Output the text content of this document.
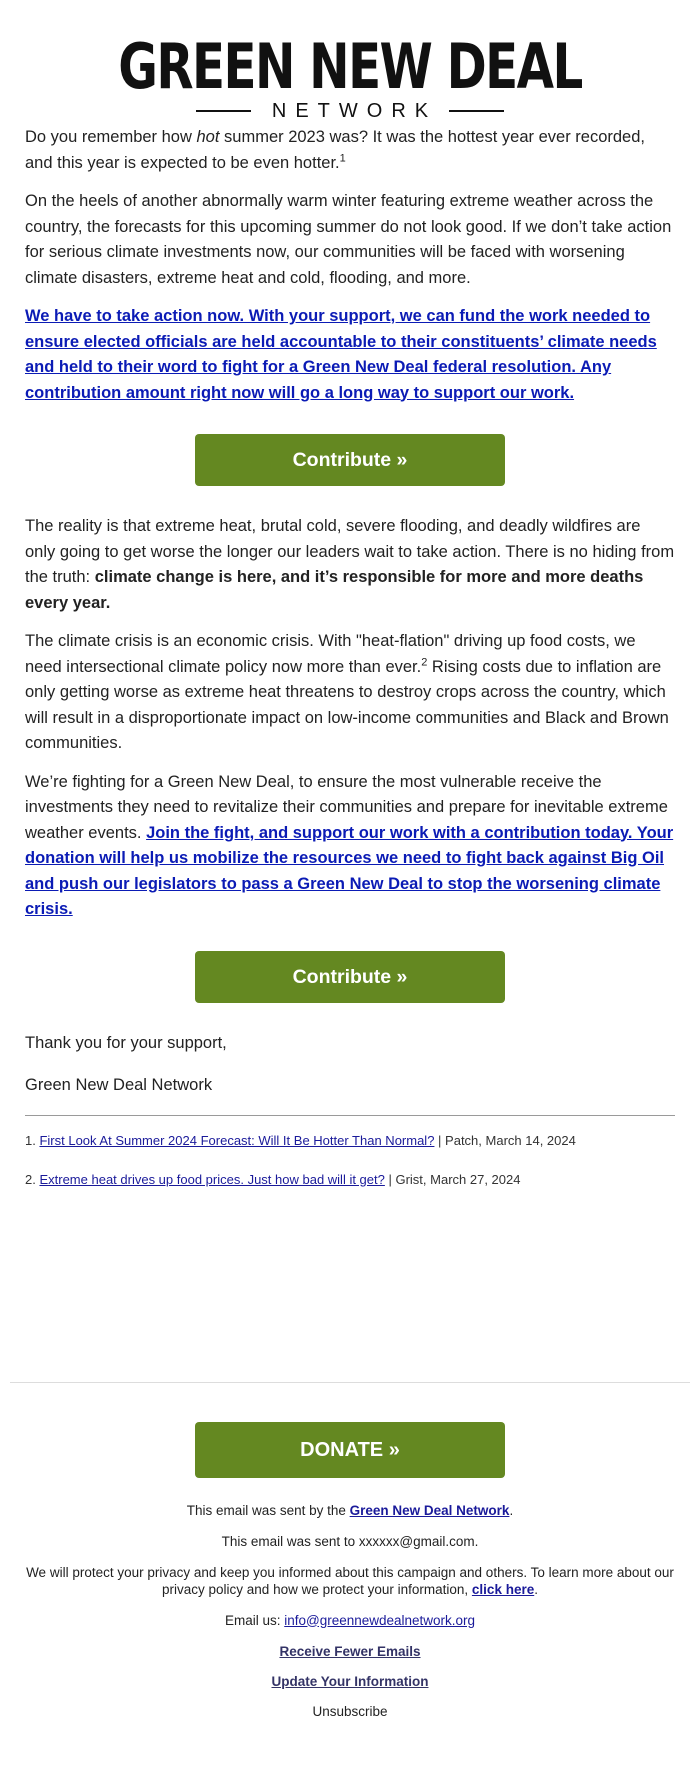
GREEN NEW DEAL
NETWORK

Do you remember how hot summer 2023 was? It was the hottest year ever recorded, and this year is expected to be even hotter.$^1$

On the heels of another abnormally warm winter featuring extreme weather across the country, the forecasts for this upcoming summer do not look good. If we don’t take action for serious climate investments now, our communities will be faced with worsening climate disasters, extreme heat and cold, flooding, and more.

We have to take action now. With your support, we can fund the work needed to ensure elected officials are held accountable to their constituents’ climate needs and held to their word to fight for a Green New Deal federal resolution. Any contribution amount right now will go a long way to support our work.

Contribute »

The reality is that extreme heat, brutal cold, severe flooding, and deadly wildfires are only going to get worse the longer our leaders wait to take action. There is no hiding from the truth: climate change is here, and it’s responsible for more and more deaths every year.

The climate crisis is an economic crisis. With "heat-flation" driving up food costs, we need intersectional climate policy now more than ever.$^2$ Rising costs due to inflation are only getting worse as extreme heat threatens to destroy crops across the country, which will result in a disproportionate impact on low-income communities and Black and Brown communities.

We’re fighting for a Green New Deal, to ensure the most vulnerable receive the investments they need to revitalize their communities and prepare for inevitable extreme weather events. Join the fight, and support our work with a contribution today. Your donation will help us mobilize the resources we need to fight back against Big Oil and push our legislators to pass a Green New Deal to stop the worsening climate crisis.

Contribute »

Thank you for your support,

Green New Deal Network

1. First Look At Summer 2024 Forecast: Will It Be Hotter Than Normal? | Patch, March 14, 2024

2. Extreme heat drives up food prices. Just how bad will it get? | Grist, March 27, 2024

DONATE »

This email was sent by the Green New Deal Network.

This email was sent to xxxxxx@gmail.com.

We will protect your privacy and keep you informed about this campaign and others. To learn more about our privacy policy and how we protect your information, click here.

Email us: info@greennewdealnetwork.org

Receive Fewer Emails
Update Your Information
Unsubscribe
